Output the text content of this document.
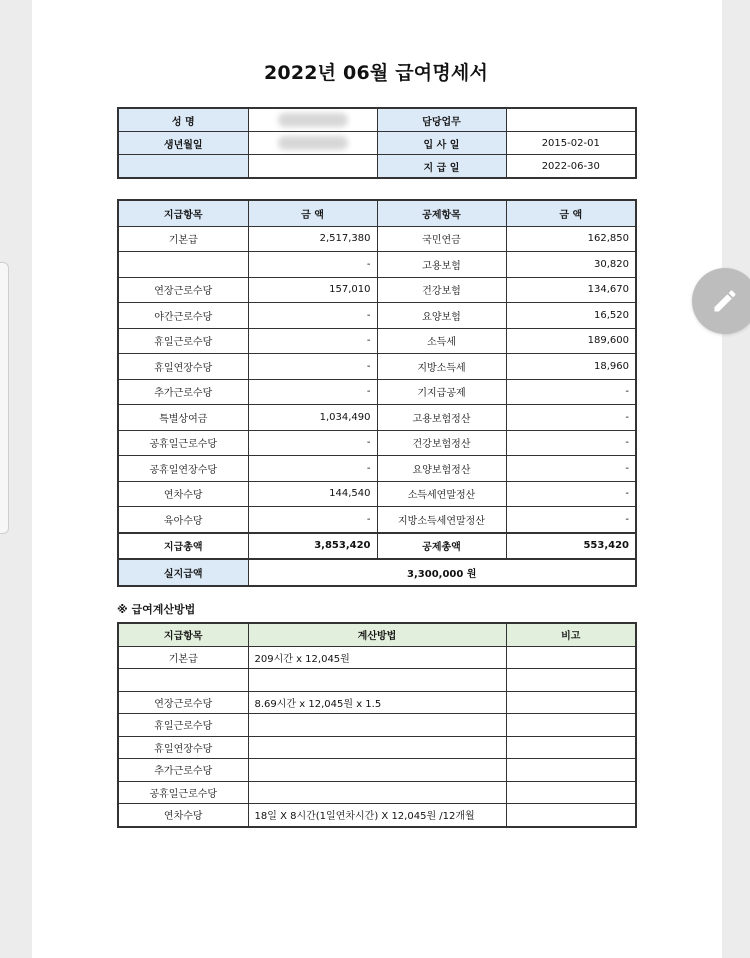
2022년 06월 급여명세서
성 명		담당업무	
생년월일		입 사 일	2015-02-01
		지 급 일	2022-06-30
지급항목	금 액	공제항목	금 액
기본급	2,517,380	국민연금	162,850
	-	고용보험	30,820
연장근로수당	157,010	건강보험	134,670
야간근로수당	-	요양보험	16,520
휴일근로수당	-	소득세	189,600
휴일연장수당	-	지방소득세	18,960
추가근로수당	-	기지급공제	-
특별상여금	1,034,490	고용보험정산	-
공휴일근로수당	-	건강보험정산	-
공휴일연장수당	-	요양보험정산	-
연차수당	144,540	소득세연말정산	-
육아수당	-	지방소득세연말정산	-
지급총액	3,853,420	공제총액	553,420
실지급액	3,300,000 원		
※ 급여계산방법
지급항목	계산방법	비고
기본급	209시간 x 12,045원	

연장근로수당	8.69시간 x 12,045원 x 1.5	
휴일근로수당		
휴일연장수당		
추가근로수당		
공휴일근로수당		
연차수당	18일 X 8시간(1일연차시간) X 12,045원 /12개월	
